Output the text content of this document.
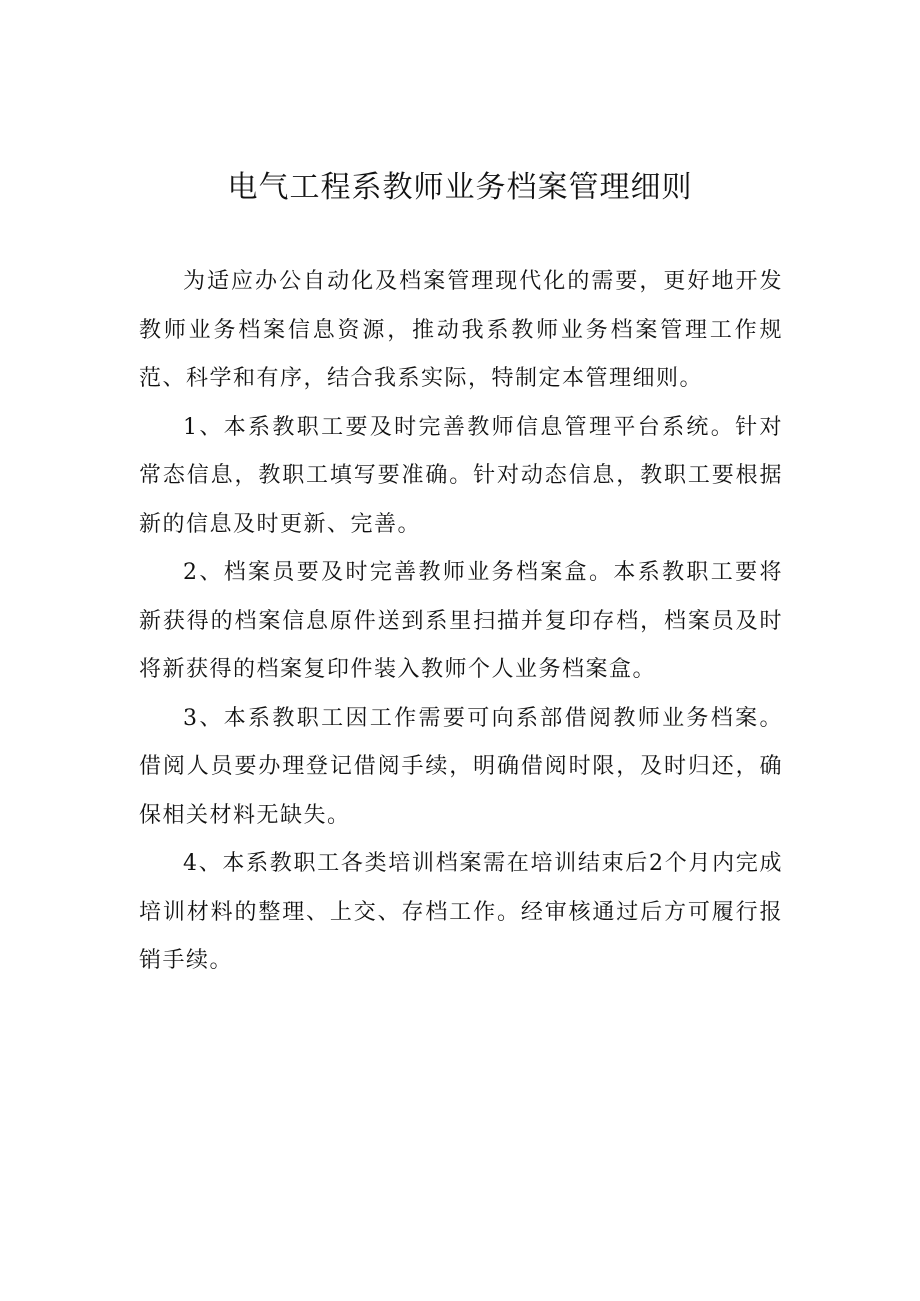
电气工程系教师业务档案管理细则

为适应办公自动化及档案管理现代化的需要，更好地开发教师业务档案信息资源，推动我系教师业务档案管理工作规范、科学和有序，结合我系实际，特制定本管理细则。

1、本系教职工要及时完善教师信息管理平台系统。针对常态信息，教职工填写要准确。针对动态信息，教职工要根据新的信息及时更新、完善。

2、档案员要及时完善教师业务档案盒。本系教职工要将新获得的档案信息原件送到系里扫描并复印存档，档案员及时将新获得的档案复印件装入教师个人业务档案盒。

3、本系教职工因工作需要可向系部借阅教师业务档案。借阅人员要办理登记借阅手续，明确借阅时限，及时归还，确保相关材料无缺失。

4、本系教职工各类培训档案需在培训结束后2个月内完成培训材料的整理、上交、存档工作。经审核通过后方可履行报销手续。
